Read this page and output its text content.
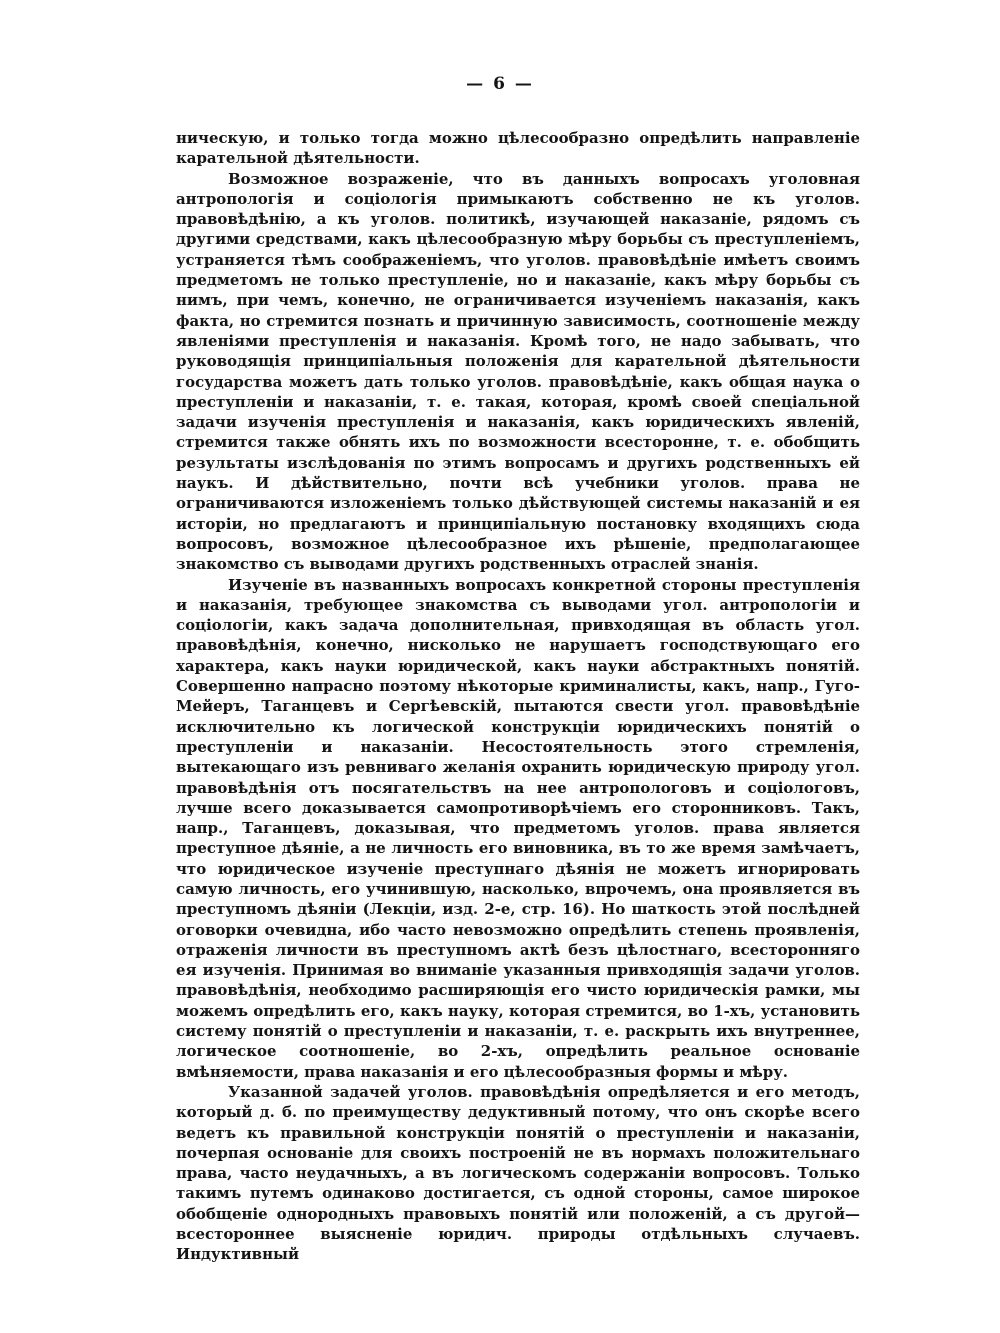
— 6 —

ническую, и только тогда можно цѣлесообразно опредѣлить направленіе карательной дѣятельности.

Возможное возраженіе, что въ данныхъ вопросахъ уголовная антропологія и соціологія примыкаютъ собственно не къ уголов. правовѣдѣнію, а къ уголов. политикѣ, изучающей наказаніе, рядомъ съ другими средствами, какъ цѣлесообразную мѣру борьбы съ преступленіемъ, устраняется тѣмъ соображеніемъ, что уголов. правовѣдѣніе имѣетъ своимъ предметомъ не только преступленіе, но и наказаніе, какъ мѣру борьбы съ нимъ, при чемъ, конечно, не ограничивается изученіемъ наказанія, какъ факта, но стремится познать и причинную зависимость, соотношеніе между явленіями преступленія и наказанія. Кромѣ того, не надо забывать, что руководящія принципіальныя положенія для карательной дѣятельности государства можетъ дать только уголов. правовѣдѣніе, какъ общая наука о преступленіи и наказаніи, т. е. такая, которая, кромѣ своей спеціальной задачи изученія преступленія и наказанія, какъ юридическихъ явленій, стремится также обнять ихъ по возможности всесторонне, т. е. обобщить результаты изслѣдованія по этимъ вопросамъ и другихъ родственныхъ ей наукъ. И дѣйствительно, почти всѣ учебники уголов. права не ограничиваются изложеніемъ только дѣйствующей системы наказаній и ея исторіи, но предлагаютъ и принципіальную постановку входящихъ сюда вопросовъ, возможное цѣлесообразное ихъ рѣшеніе, предполагающее знакомство съ выводами другихъ родственныхъ отраслей знанія.

Изученіе въ названныхъ вопросахъ конкретной стороны преступленія и наказанія, требующее знакомства съ выводами угол. антропологіи и соціологіи, какъ задача дополнительная, привходящая въ область угол. правовѣдѣнія, конечно, нисколько не нарушаетъ господствующаго его характера, какъ науки юридической, какъ науки абстрактныхъ понятій. Совершенно напрасно поэтому нѣкоторые криминалисты, какъ, напр., Гуго-Мейеръ, Таганцевъ и Сергѣевскій, пытаются свести угол. правовѣдѣніе исключительно къ логической конструкціи юридическихъ понятій о преступленіи и наказаніи. Несостоятельность этого стремленія, вытекающаго изъ ревниваго желанія охранить юридическую природу угол. правовѣдѣнія отъ посягательствъ на нее антропологовъ и соціологовъ, лучше всего доказывается самопротиворѣчіемъ его сторонниковъ. Такъ, напр., Таганцевъ, доказывая, что предметомъ уголов. права является преступное дѣяніе, а не личность его виновника, въ то же время замѣчаетъ, что юридическое изученіе преступнаго дѣянія не можетъ игнорировать самую личность, его учинившую, насколько, впрочемъ, она проявляется въ преступномъ дѣяніи (Лекціи, изд. 2-е, стр. 16). Но шаткость этой послѣдней оговорки очевидна, ибо часто невозможно опредѣлить степень проявленія, отраженія личности въ преступномъ актѣ безъ цѣлостнаго, всесторонняго ея изученія. Принимая во вниманіе указанныя привходящія задачи уголов. правовѣдѣнія, необходимо расширяющія его чисто юридическія рамки, мы можемъ опредѣлить его, какъ науку, которая стремится, во 1-хъ, установить систему понятій о преступленіи и наказаніи, т. е. раскрыть ихъ внутреннее, логическое соотношеніе, во 2-хъ, опредѣлить реальное основаніе вмѣняемости, права наказанія и его цѣлесообразныя формы и мѣру.

Указанной задачей уголов. правовѣдѣнія опредѣляется и его методъ, который д. б. по преимуществу дедуктивный потому, что онъ скорѣе всего ведетъ къ правильной конструкціи понятій о преступленіи и наказаніи, почерпая основаніе для своихъ построеній не въ нормахъ положительнаго права, часто неудачныхъ, а въ логическомъ содержаніи вопросовъ. Только такимъ путемъ одинаково достигается, съ одной стороны, самое широкое обобщеніе однородныхъ правовыхъ понятій или положеній, а съ другой—всестороннее выясненіе юридич. природы отдѣльныхъ случаевъ. Индуктивный
